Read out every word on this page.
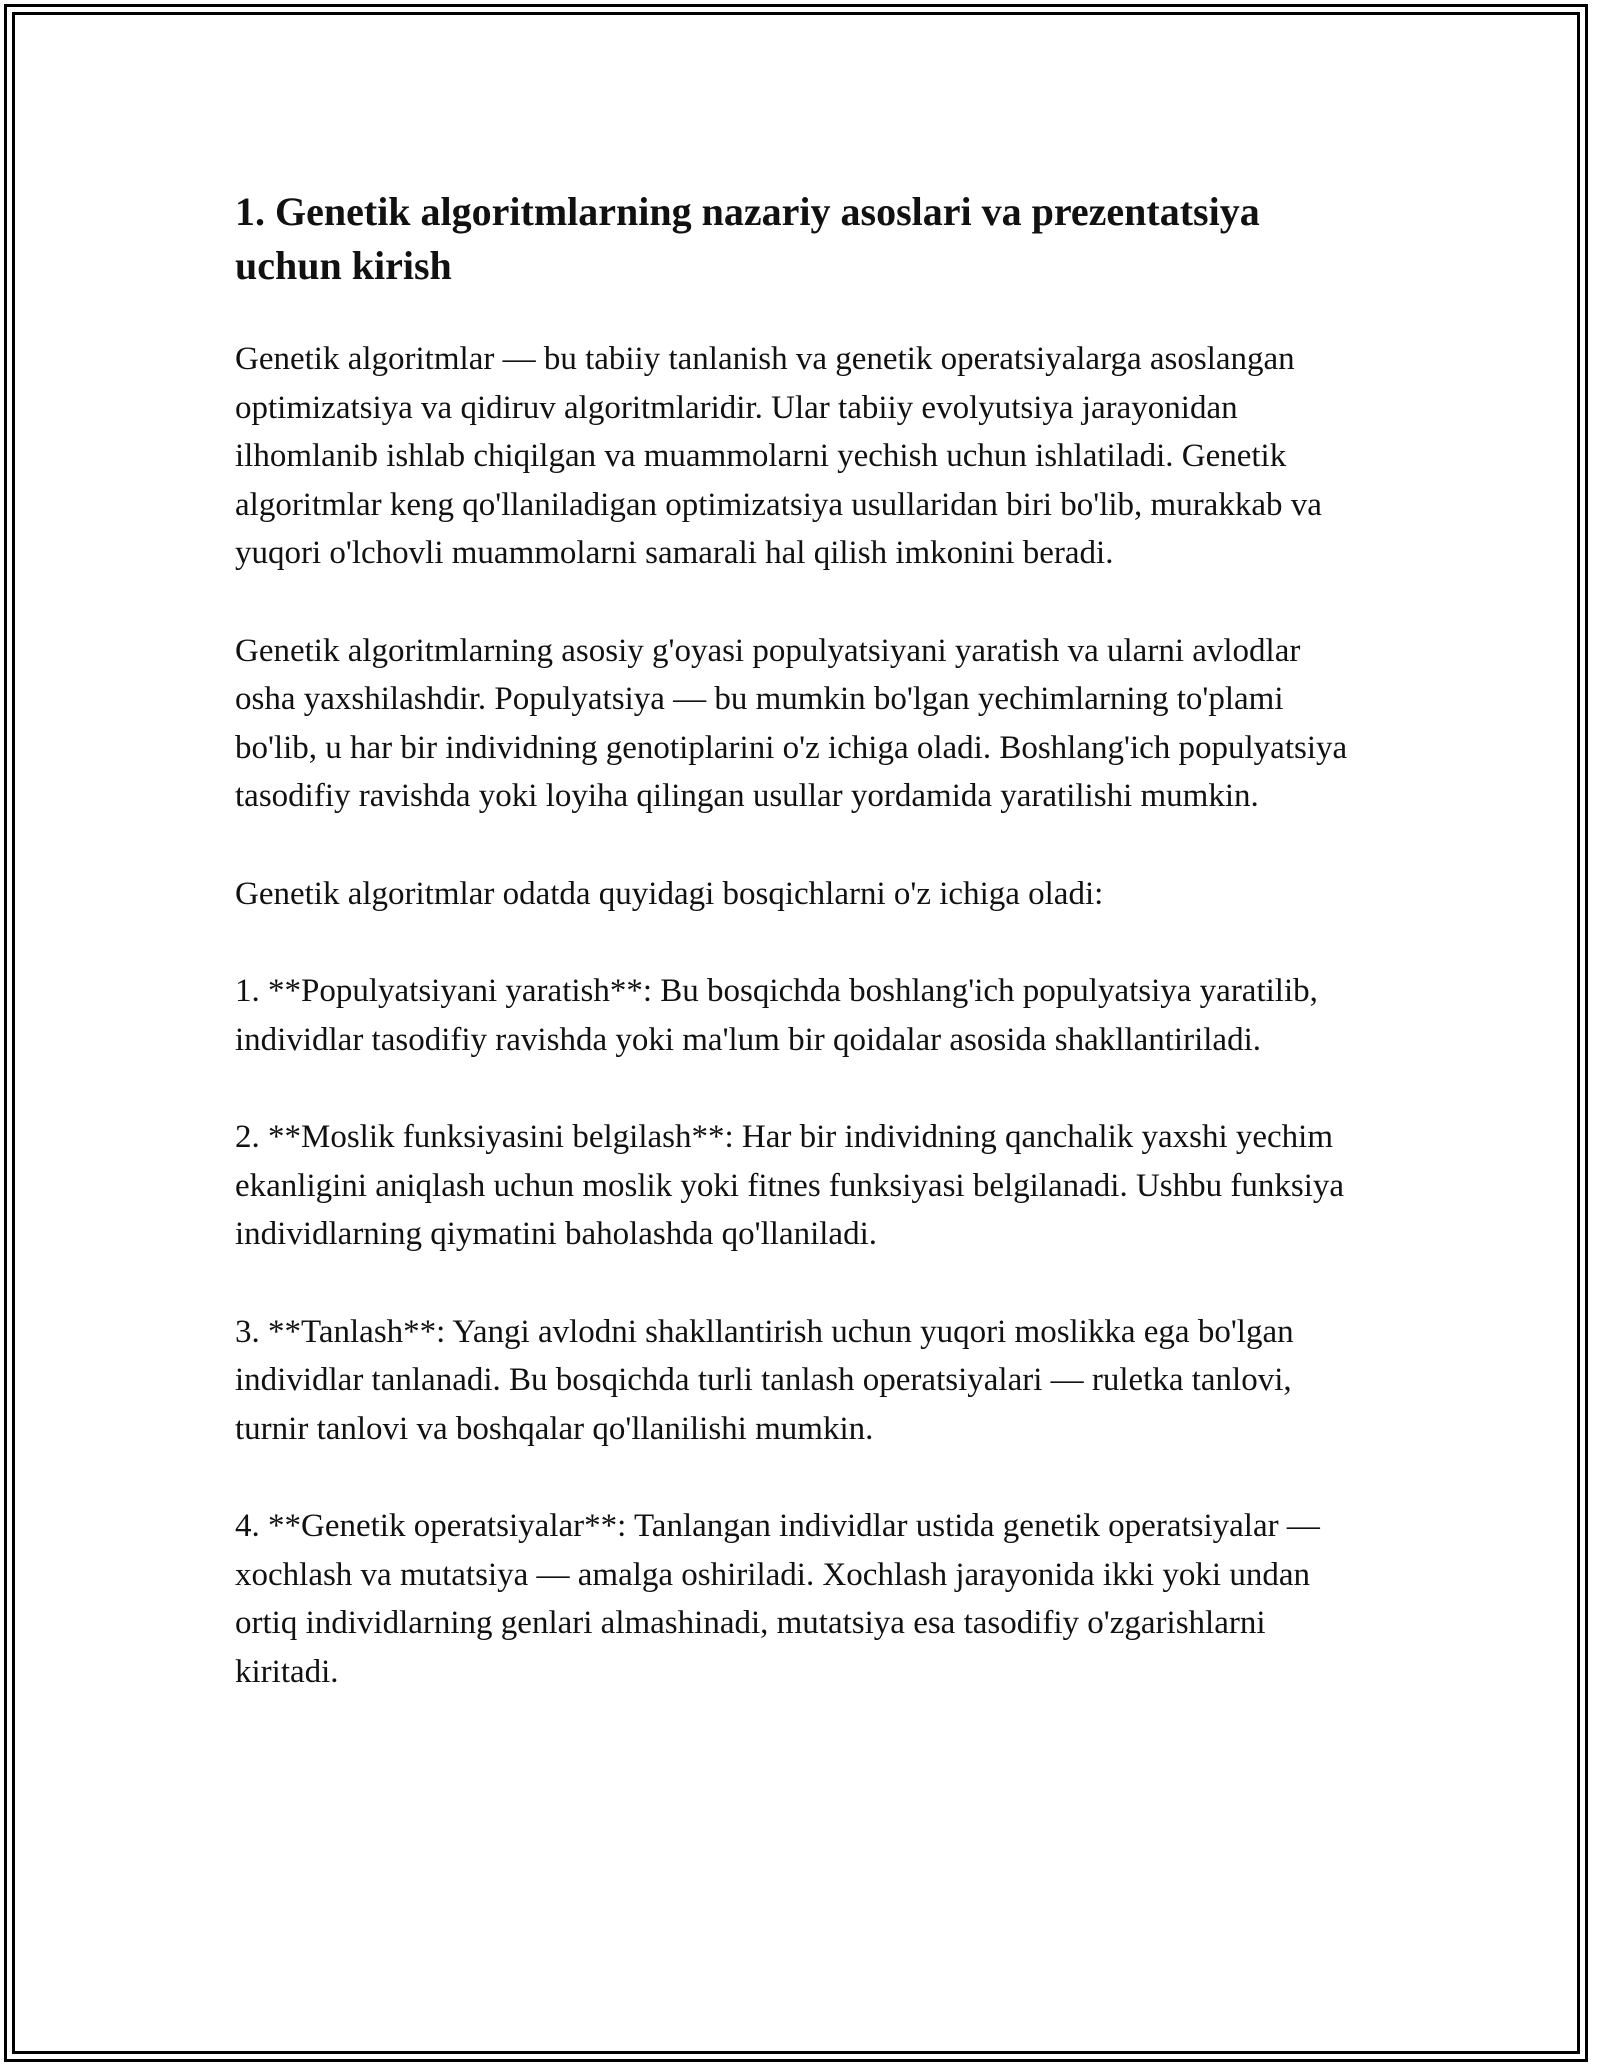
1. Genetik algoritmlarning nazariy asoslari va prezentatsiya uchun kirish

Genetik algoritmlar — bu tabiiy tanlanish va genetik operatsiyalarga asoslangan optimizatsiya va qidiruv algoritmlaridir. Ular tabiiy evolyutsiya jarayonidan ilhomlanib ishlab chiqilgan va muammolarni yechish uchun ishlatiladi. Genetik algoritmlar keng qo'llaniladigan optimizatsiya usullaridan biri bo'lib, murakkab va yuqori o'lchovli muammolarni samarali hal qilish imkonini beradi.

Genetik algoritmlarning asosiy g'oyasi populyatsiyani yaratish va ularni avlodlar osha yaxshilashdir. Populyatsiya — bu mumkin bo'lgan yechimlarning to'plami bo'lib, u har bir individning genotiplarini o'z ichiga oladi. Boshlang'ich populyatsiya tasodifiy ravishda yoki loyiha qilingan usullar yordamida yaratilishi mumkin.

Genetik algoritmlar odatda quyidagi bosqichlarni o'z ichiga oladi:

1. **Populyatsiyani yaratish**: Bu bosqichda boshlang'ich populyatsiya yaratilib, individlar tasodifiy ravishda yoki ma'lum bir qoidalar asosida shakllantiriladi.

2. **Moslik funksiyasini belgilash**: Har bir individning qanchalik yaxshi yechim ekanligini aniqlash uchun moslik yoki fitnes funksiyasi belgilanadi. Ushbu funksiya individlarning qiymatini baholashda qo'llaniladi.

3. **Tanlash**: Yangi avlodni shakllantirish uchun yuqori moslikka ega bo'lgan individlar tanlanadi. Bu bosqichda turli tanlash operatsiyalari — ruletka tanlovi, turnir tanlovi va boshqalar qo'llanilishi mumkin.

4. **Genetik operatsiyalar**: Tanlangan individlar ustida genetik operatsiyalar — xochlash va mutatsiya — amalga oshiriladi. Xochlash jarayonida ikki yoki undan ortiq individlarning genlari almashinadi, mutatsiya esa tasodifiy o'zgarishlarni kiritadi.
